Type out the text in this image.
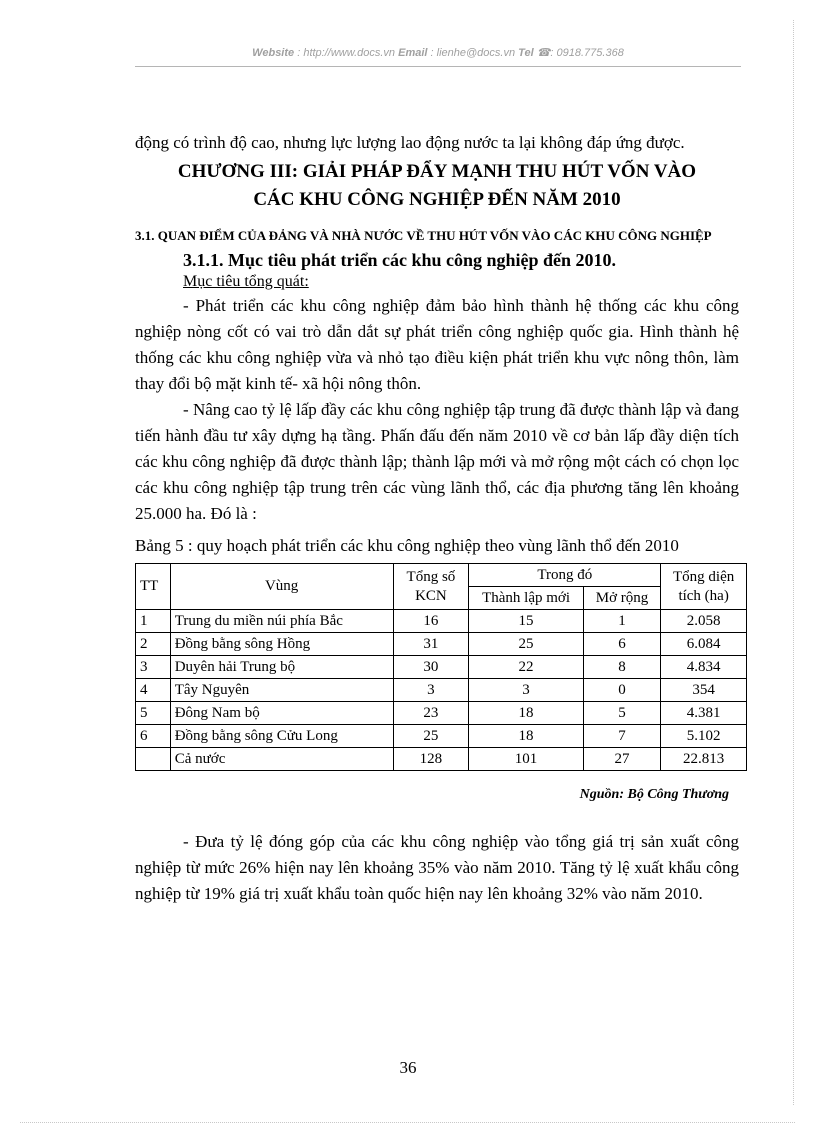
Website : http://www.docs.vn Email : lienhe@docs.vn Tel ☎: 0918.775.368

động có trình độ cao, nhưng lực lượng lao động nước ta lại không đáp ứng được.

CHƯƠNG III: GIẢI PHÁP ĐẨY MẠNH THU HÚT VỐN VÀO
CÁC KHU CÔNG NGHIỆP ĐẾN NĂM 2010

3.1. QUAN ĐIỂM CỦA ĐẢNG VÀ NHÀ NƯỚC VỀ THU HÚT VỐN VÀO CÁC KHU CÔNG NGHIỆP

3.1.1. Mục tiêu phát triển các khu công nghiệp đến 2010.

Mục tiêu tổng quát:

- Phát triển các khu công nghiệp đảm bảo hình thành hệ thống các khu công nghiệp nòng cốt có vai trò dẫn dắt sự phát triển công nghiệp quốc gia. Hình thành hệ thống các khu công nghiệp vừa và nhỏ tạo điều kiện phát triển khu vực nông thôn, làm thay đổi bộ mặt kinh tế- xã hội nông thôn.

- Nâng cao tỷ lệ lấp đầy các khu công nghiệp tập trung đã được thành lập và đang tiến hành đầu tư xây dựng hạ tầng. Phấn đấu đến năm 2010 về cơ bản lấp đầy diện tích các khu công nghiệp đã được thành lập; thành lập mới và mở rộng một cách có chọn lọc các khu công nghiệp tập trung trên các vùng lãnh thổ, các địa phương tăng lên khoảng 25.000 ha. Đó là :

Bảng 5 : quy hoạch phát triển các khu công nghiệp theo vùng lãnh thổ đến 2010

TT	Vùng	Tổng số KCN	Trong đó		Tổng diện tích (ha)
			Thành lập mới	Mở rộng	
1	Trung du miền núi phía Bắc	16	15	1	2.058
2	Đồng bằng sông Hồng	31	25	6	6.084
3	Duyên hải Trung bộ	30	22	8	4.834
4	Tây Nguyên	3	3	0	354
5	Đông Nam bộ	23	18	5	4.381
6	Đồng bằng sông Cửu Long	25	18	7	5.102
	Cả nước	128	101	27	22.813

Nguồn: Bộ Công Thương

- Đưa tỷ lệ đóng góp của các khu công nghiệp vào tổng giá trị sản xuất công nghiệp từ mức 26% hiện nay lên khoảng 35% vào năm 2010. Tăng tỷ lệ xuất khẩu công nghiệp từ 19% giá trị xuất khẩu toàn quốc hiện nay lên khoảng 32% vào năm 2010.

36
